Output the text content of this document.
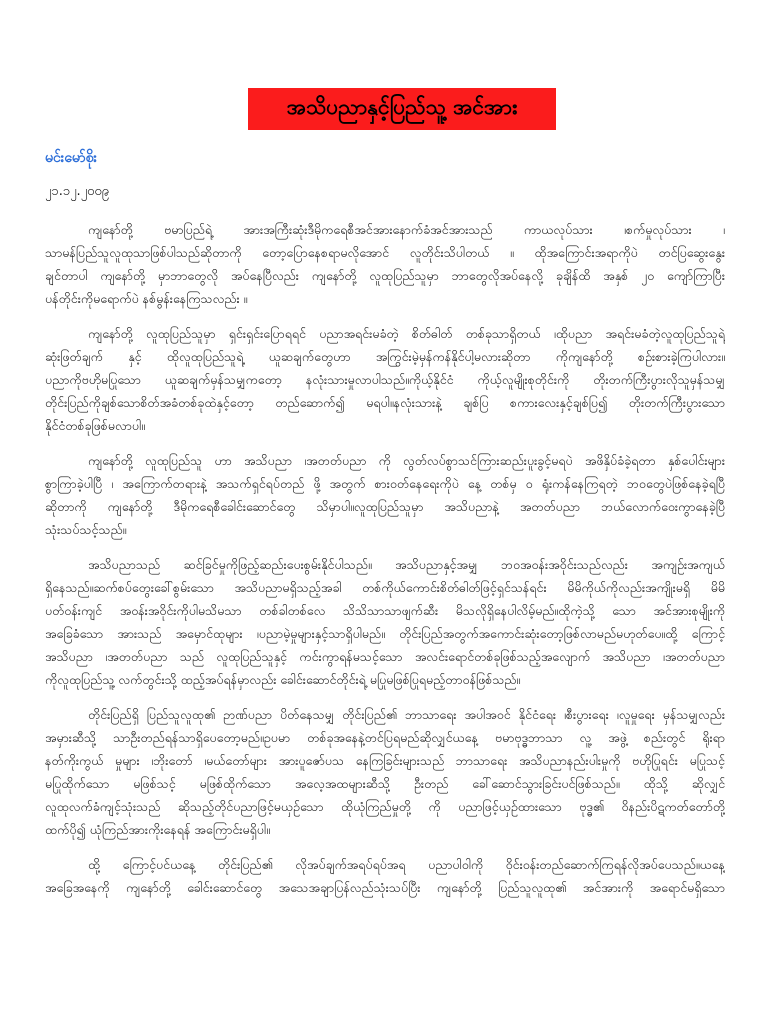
အသိပညာနှင့်ပြည်သူ့ အင်အား
မင်းမော်စိုး
၂၁.၁၂.၂၀၀၉
ကျနော်တို့ ဗမာပြည်ရဲ့ အားအကြီးဆုံးဒီမိုကရေစီအင်အားနောက်ခံအင်အားသည် ကာယလုပ်သား ၊စက်မှုလုပ်သား ၊
သာမန်ပြည်သူလူထုသာဖြစ်ပါသည်ဆိုတာကို တော့ပြောနေစရာမလိုအောင် လူတိုင်းသိပါတယ် ။ ထိုအကြောင်းအရာကိုပဲ တင်ပြဆွေးနွေး
ချင်တာပါ ကျနော်တို့ မှာဘာတွေလို အပ်နေပြီလည်း ကျနော်တို့ လူထုပြည်သူမှာ ဘာတွေလိုအပ်နေလို့ ခုချိန်ထိ အနှစ် ၂၀ ကျော်ကြာပြီး
ပန်တိုင်းကိုမရောက်ပဲ နစ်မွန်းနေကြသလည်း ။
ကျနော်တို့ လူထုပြည်သူမှာ ရှင်းရှင်းပြောရရင် ပညာအရင်းမခံတဲ့ စိတ်ဓါတ် တစ်ခုသာရှိတယ် ၊ထိုပညာ အရင်းမခံတဲ့လူထုပြည်သူရဲ့
ဆုံးဖြတ်ချက် နှင့် ထိုလူထုပြည်သူရဲ့ ယူဆချက်တွေဟာ အကြွင်းမဲ့မှန်ကန်နိုင်ပါ့မလားဆိုတာ ကိုကျနော်တို့ စဉ်းစားခဲ့ကြပါလား။
ပညာကိုဗဟိုမပြုသော ယူဆချက်မှန်သမျှကတော့ နလုံးသားမှုလာပါသည်။ကိုယ့်နိုင်ငံ ကိုယ့်လူမျိုးစုတိုင်းကို တိုးတက်ကြီးပွားလိုသူမှန်သမျှ
တိုင်းပြည်ကိုချစ်သောစိတ်အခံတစ်ခုထဲနှင့်တော့ တည်ဆောက်၍ မရပါ။နလုံးသားနဲ့ ချစ်ပြ စကားလေးနှင့်ချစ်ပြ၍ တိုးတက်ကြီးပွားသော
နိုင်ငံတစ်ခုဖြစ်မလာပါ။
ကျနော်တို့ လူထုပြည်သူ ဟာ အသိပညာ ၊အတတ်ပညာ ကို လွတ်လပ်စွာသင်ကြားဆည်းပူးခွင့်မရပဲ အဖိနှိပ်ခံခဲ့ရတာ နှစ်ပေါင်းများ
စွာကြာခဲ့ပါပြီ ၊ အကြောက်တရားနဲ့ အသက်ရှင်ရပ်တည် ဖို့ အတွက် စားဝတ်နေရေးကိုပဲ နေ့ တစ်မှ ၀ ရုံးကန်နေကြရတဲ့ ဘဝတွေပဲဖြစ်နေခဲ့ရပြီ
ဆိုတာကို ကျနော်တို့ ဒီမိုကရေစီခေါင်းဆောင်တွေ သိမှာပါ။လူထုပြည်သူမှာ အသိပညာနဲ့ အတတ်ပညာ ဘယ်လောက်ဝေးကွာနေခဲ့ပြီ
သုံးသပ်သင့်သည်။
အသိပညာသည် ဆင်ခြင်မှုကိုဖြည့်ဆည်းပေးစွမ်းနိုင်ပါသည်။ အသိပညာနှင့်အမျှ ဘဝအဝန်းအဝိုင်းသည်လည်း အကျဉ်းအကျယ်
ရှိနေသည်။ဆက်စပ်တွေးခေါ်စွမ်းသော အသိပညာမရှိသည့်အခါ တစ်ကိုယ်ကောင်းစိတ်ဓါတ်ဖြင့်ရှင်သန်ရင်း မိမိကိုယ်ကိုလည်းအကျိုးမရှိ မိမိ
ပတ်ဝန်းကျင် အဝန်းအဝိုင်းကိုပါမသိမသာ တစ်ခါတစ်လေ သိသိသာသာဖျက်ဆီး မိသလိုရှိနေပါလိမ့်မည်။ထိုကဲ့သို့ သော အင်အားစုမျိုးကို
အခြေခံသော အားသည် အမှောင်ထုများ ၊ပညာမဲ့မှုများနှင့်သာရှိပါမည်။ တိုင်းပြည်အတွက်အကောင်းဆုံးတော့ဖြစ်လာမည်မဟုတ်ပေ။ထို့ ကြောင့်
အသိပညာ ၊အတတ်ပညာ သည် လူထုပြည်သူနှင့် ကင်းကွာရန်မသင့်သော အလင်းရောင်တစ်ခုဖြစ်သည့်အလျောက် အသိပညာ ၊အတတ်ပညာ
ကိုလူထုပြည်သူ့ လက်တွင်းသို့ ထည့်အပ်ရန်မှာလည်း ခေါင်းဆောင်တိုင်းရဲ့ မပြုမဖြစ်ပြုရမည့်တာဝန်ဖြစ်သည်။
တိုင်းပြည်ရှိ ပြည်သူလူထု၏ ဉာဏ်ပညာ ပိတ်နေသမျှ တိုင်းပြည်၏ ဘာသာရေး အပါအဝင် နိုင်ငံရေး ၊စီးပွားရေး ၊လူမှုရေး မှန်သမျှလည်း
အမှားဆီသို့ သာဦးတည်ရန်သာရှိပေတော့မည်။ဥပမာ တစ်ခုအနေနဲ့တင်ပြရမည်ဆိုလျှင်ယနေ့ ဗမာဗုဒ္ဓဘာသာ လူ့ အဖွဲ့ စည်းတွင် ရိုးရာ
နတ်ကိုးကွယ် မှုများ ၊ဘိုးတော် ၊မယ်တော်များ အားပူဇော်ပသ နေကြခြင်းများသည် ဘာသာရေး အသိပညာနည်းပါးမှုကို ဗဟိုပြုရင်း မပြုသင့်
မပြုထိုက်သော မဖြစ်သင့် မဖြစ်ထိုက်သော အလေ့အထများဆီသို့ ဦးတည် ခေါ်ဆောင်သွားခြင်းပင်ဖြစ်သည်။ ထိုသို့ ဆိုလျှင်
လူထုလက်ခံကျင့်သုံးသည် ဆိုသည့်တိုင်ပညာဖြင့်မယှဉ်သော ထိုယုံကြည်မှုတို့ ကို ပညာဖြင့်ယှဉ်ထားသော ဗုဒ္ဓ၏ ဝိနည်းပိဋကတ်တော်တို့
ထက်ပို၍ ယုံကြည်အားကိုးနေရန် အကြောင်းမရှိပါ။
ထို့ ကြောင့်ပင်ယနေ့ တိုင်းပြည်၏ လိုအပ်ချက်အရပ်ရပ်အရ ပညာပါဝါကို ဝိုင်းဝန်းတည်ဆောက်ကြရန်လိုအပ်ပေသည်။ယနေ့
အခြေအနေကို ကျနော်တို့ ခေါင်းဆောင်တွေ အသေအချာပြန်လည်သုံးသပ်ပြီး ကျနော်တို့ ပြည်သူလူထု၏ အင်အားကို အရောင်မရှိသော
